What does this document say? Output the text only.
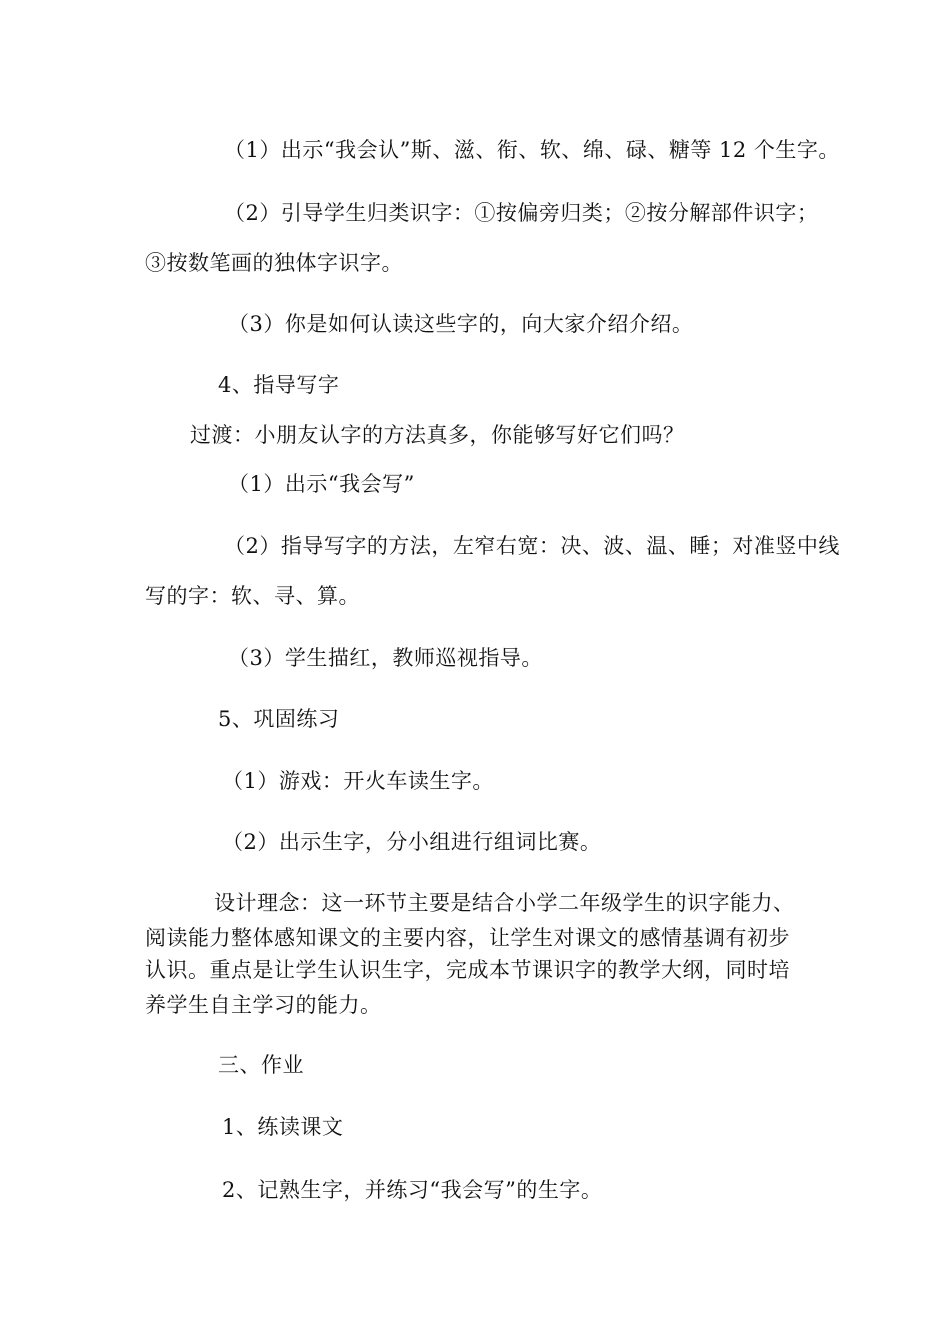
（1）出示“我会认”斯、滋、衔、软、绵、碌、糖等 12 个生字。
（2）引导学生归类识字：①按偏旁归类；②按分解部件识字；
③按数笔画的独体字识字。
（3）你是如何认读这些字的，向大家介绍介绍。
4、指导写字
过渡：小朋友认字的方法真多，你能够写好它们吗？
（1）出示“我会写”
（2）指导写字的方法，左窄右宽：决、波、温、睡；对准竖中线
写的字：软、寻、算。
（3）学生描红，教师巡视指导。
5、巩固练习
（1）游戏：开火车读生字。
（2）出示生字，分小组进行组词比赛。
设计理念：这一环节主要是结合小学二年级学生的识字能力、
阅读能力整体感知课文的主要内容，让学生对课文的感情基调有初步
认识。重点是让学生认识生字，完成本节课识字的教学大纲，同时培
养学生自主学习的能力。
三、作业
1、练读课文
2、记熟生字，并练习“我会写”的生字。
